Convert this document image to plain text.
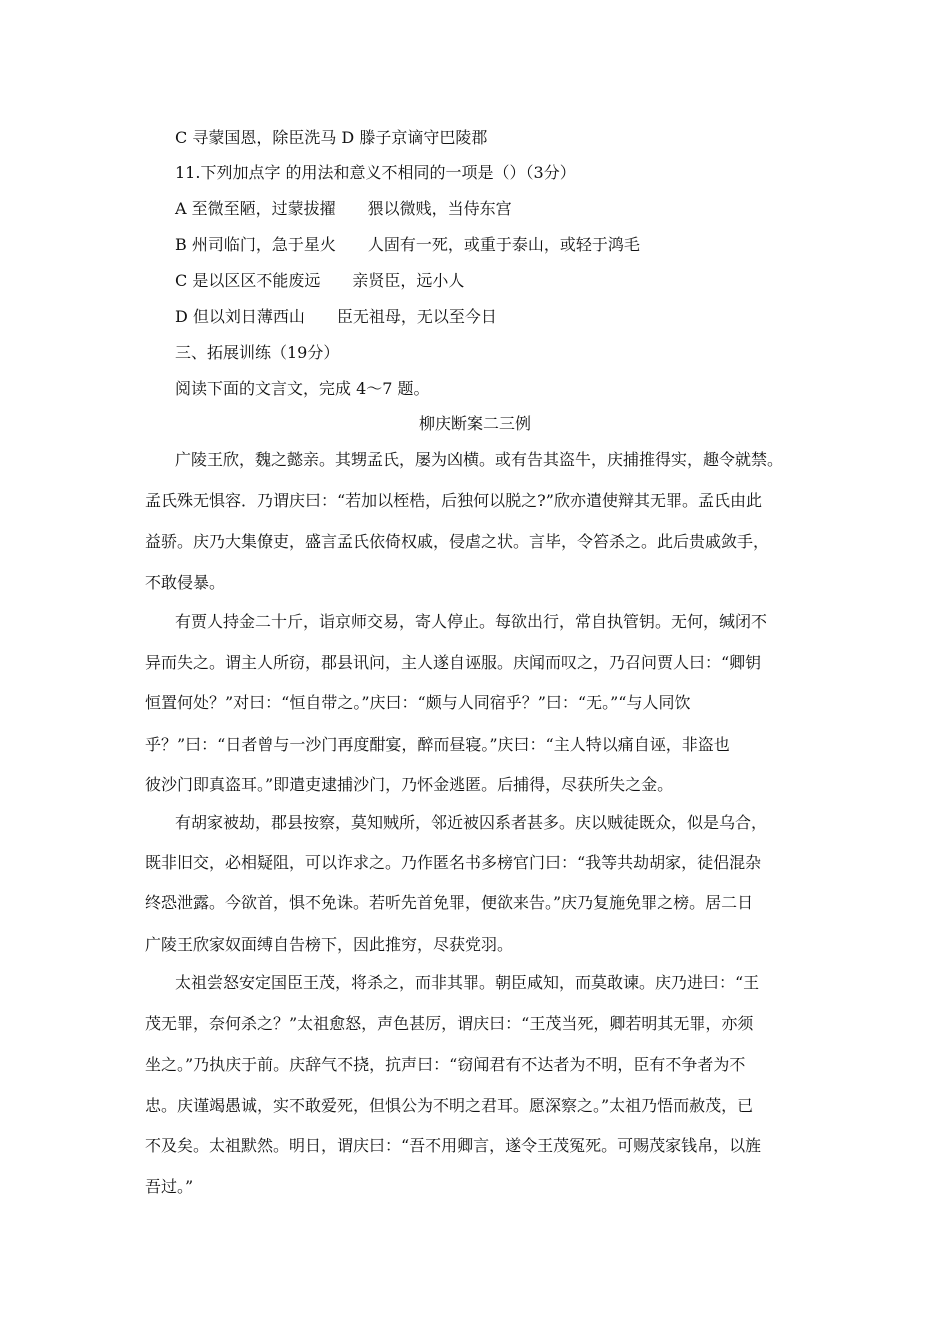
C 寻蒙国恩，除臣洗马 D 滕子京谪守巴陵郡
11.下列加点字 的用法和意义不相同的一项是（）（3分）
A 至微至陋，过蒙拔擢　　猥以微贱，当侍东宫
B 州司临门，急于星火　　人固有一死，或重于泰山，或轻于鸿毛
C 是以区区不能废远　　亲贤臣，远小人
D 但以刘日薄西山　　臣无祖母，无以至今日
三、拓展训练（19分）
阅读下面的文言文，完成 4～7 题。
柳庆断案二三例
广陵王欣，魏之懿亲。其甥孟氏，屡为凶横。或有告其盗牛，庆捕推得实，趣令就禁。
孟氏殊无惧容．乃谓庆曰：“若加以桎梏，后独何以脱之?”欣亦遣使辩其无罪。孟氏由此
益骄。庆乃大集僚吏，盛言孟氏依倚权戚，侵虐之状。言毕，令笞杀之。此后贵戚敛手，
不敢侵暴。
有贾人持金二十斤，诣京师交易，寄人停止。每欲出行，常自执管钥。无何，缄闭不
异而失之。谓主人所窃，郡县讯问，主人遂自诬服。庆闻而叹之，乃召问贾人曰：“卿钥
恒置何处？”对曰：“恒自带之。”庆曰：“颇与人同宿乎？”曰：“无。”“与人同饮
乎？”曰：“日者曾与一沙门再度酣宴，醉而昼寝。”庆曰：“主人特以痛自诬，非盗也
彼沙门即真盗耳。”即遣吏逮捕沙门，乃怀金逃匿。后捕得，尽获所失之金。
有胡家被劫，郡县按察，莫知贼所，邻近被囚系者甚多。庆以贼徒既众，似是乌合，
既非旧交，必相疑阻，可以诈求之。乃作匿名书多榜官门曰：“我等共劫胡家，徒侣混杂
终恐泄露。今欲首，惧不免诛。若听先首免罪，便欲来告。”庆乃复施免罪之榜。居二日
广陵王欣家奴面缚自告榜下，因此推穷，尽获党羽。
太祖尝怒安定国臣王茂，将杀之，而非其罪。朝臣咸知，而莫敢谏。庆乃进曰：“王
茂无罪，奈何杀之？”太祖愈怒，声色甚厉，谓庆曰：“王茂当死，卿若明其无罪，亦须
坐之。”乃执庆于前。庆辞气不挠，抗声曰：“窃闻君有不达者为不明，臣有不争者为不
忠。庆谨竭愚诚，实不敢爱死，但惧公为不明之君耳。愿深察之。”太祖乃悟而赦茂，已
不及矣。太祖默然。明日，谓庆曰：“吾不用卿言，遂令王茂冤死。可赐茂家钱帛，以旌
吾过。”
